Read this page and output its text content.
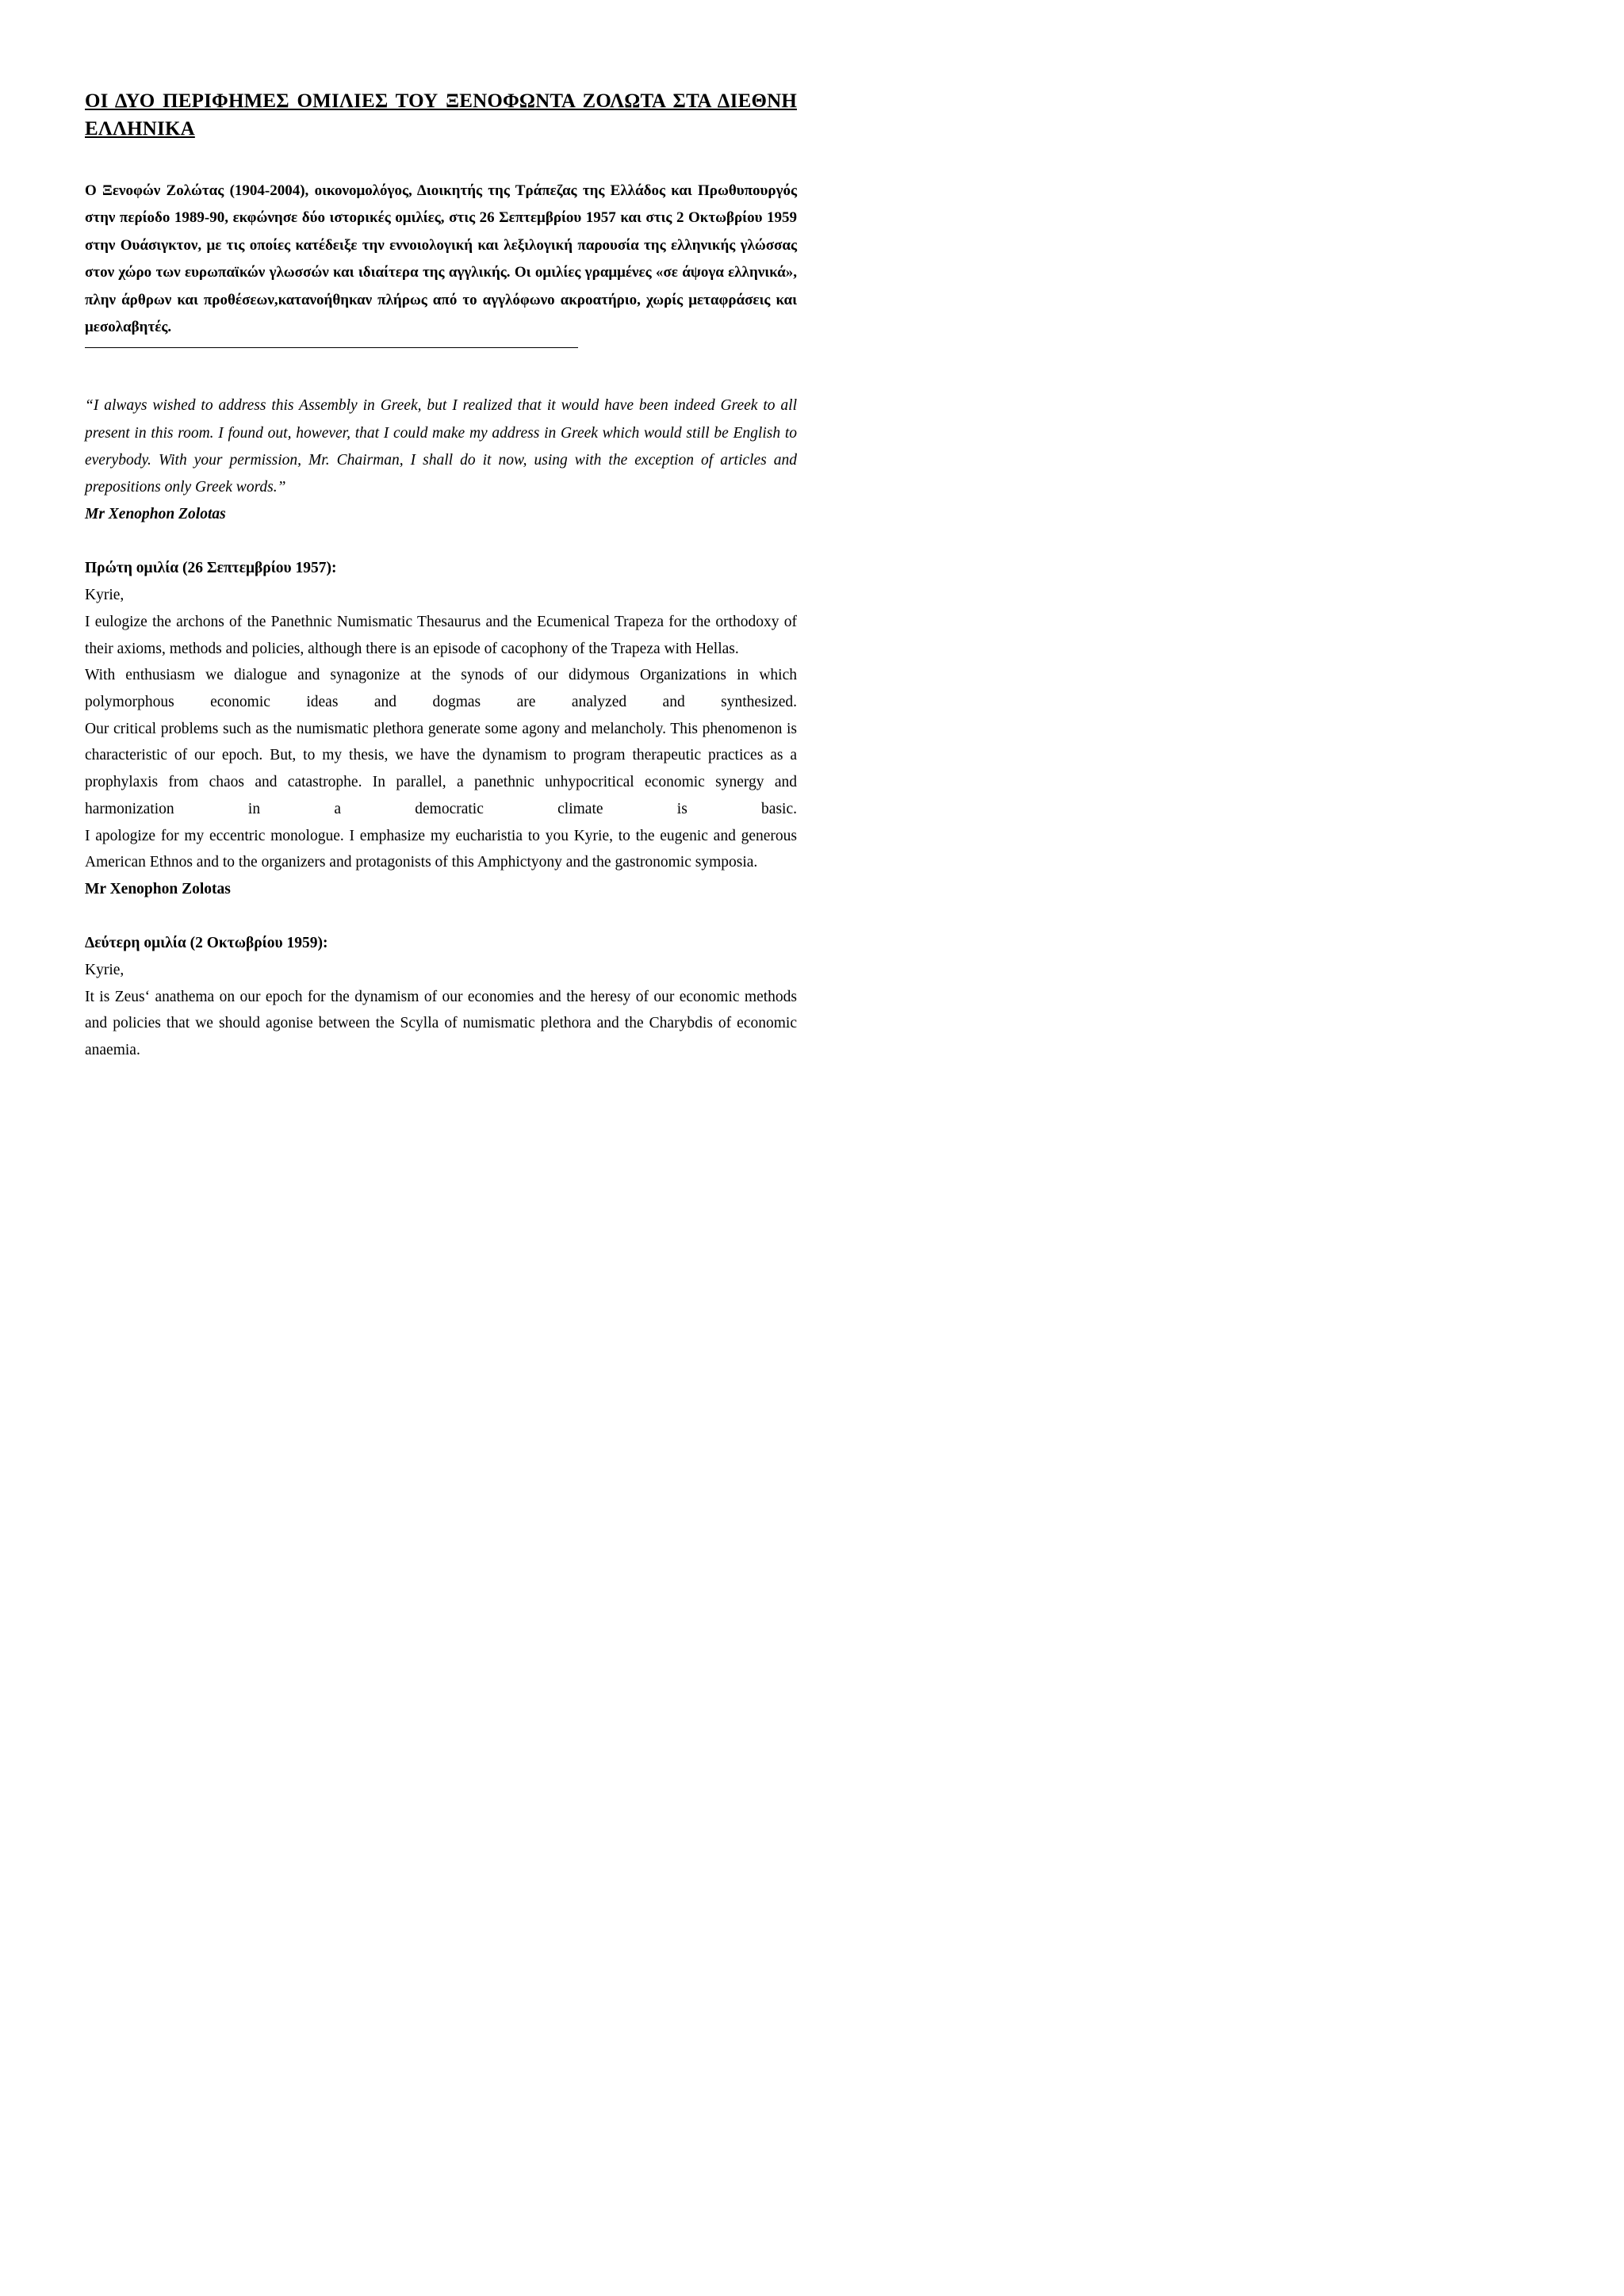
ΟΙ ΔΥΟ ΠΕΡΙΦΗΜΕΣ ΟΜΙΛΙΕΣ ΤΟΥ ΞΕΝΟΦΩΝΤΑ ΖΟΛΩΤΑ ΣΤΑ ΔΙΕΘΝΗ ΕΛΛΗΝΙΚΑ

Ο Ξενοφών Ζολώτας (1904-2004), οικονομολόγος, Διοικητής της Τράπεζας της Ελλάδος και Πρωθυπουργός στην περίοδο 1989-90, εκφώνησε δύο ιστορικές ομιλίες, στις 26 Σεπτεμβρίου 1957 και στις 2 Οκτωβρίου 1959 στην Ουάσιγκτον, με τις οποίες κατέδειξε την εννοιολογική και λεξιλογική παρουσία της ελληνικής γλώσσας στον χώρο των ευρωπαϊκών γλωσσών και ιδιαίτερα της αγγλικής. Οι ομιλίες γραμμένες «σε άψογα ελληνικά», πλην άρθρων και προθέσεων,κατανοήθηκαν πλήρως από το αγγλόφωνο ακροατήριο, χωρίς μεταφράσεις και μεσολαβητές.

“I always wished to address this Assembly in Greek, but I realized that it would have been indeed Greek to all present in this room. I found out, however, that I could make my address in Greek which would still be English to everybody. With your permission, Mr. Chairman, I shall do it now, using with the exception of articles and prepositions only Greek words.”

Mr Xenophon Zolotas

Πρώτη ομιλία (26 Σεπτεμβρίου 1957):

Kyrie,

I eulogize the archons of the Panethnic Numismatic Thesaurus and the Ecumenical Trapeza for the orthodoxy of their axioms, methods and policies, although there is an episode of cacophony of the Trapeza with Hellas.

With enthusiasm we dialogue and synagonize at the synods of our didymous Organizations in which polymorphous economic ideas and dogmas are analyzed and synthesized.

Our critical problems such as the numismatic plethora generate some agony and melancholy. This phenomenon is characteristic of our epoch. But, to my thesis, we have the dynamism to program therapeutic practices as a prophylaxis from chaos and catastrophe. In parallel, a panethnic unhypocritical economic synergy and harmonization in a democratic climate is basic.

I apologize for my eccentric monologue. I emphasize my eucharistia to you Kyrie, to the eugenic and generous American Ethnos and to the organizers and protagonists of this Amphictyony and the gastronomic symposia.

Mr Xenophon Zolotas

Δεύτερη ομιλία (2 Οκτωβρίου 1959):

Kyrie,

It is Zeus‘ anathema on our epoch for the dynamism of our economies and the heresy of our economic methods and policies that we should agonise between the Scylla of numismatic plethora and the Charybdis of economic anaemia.
